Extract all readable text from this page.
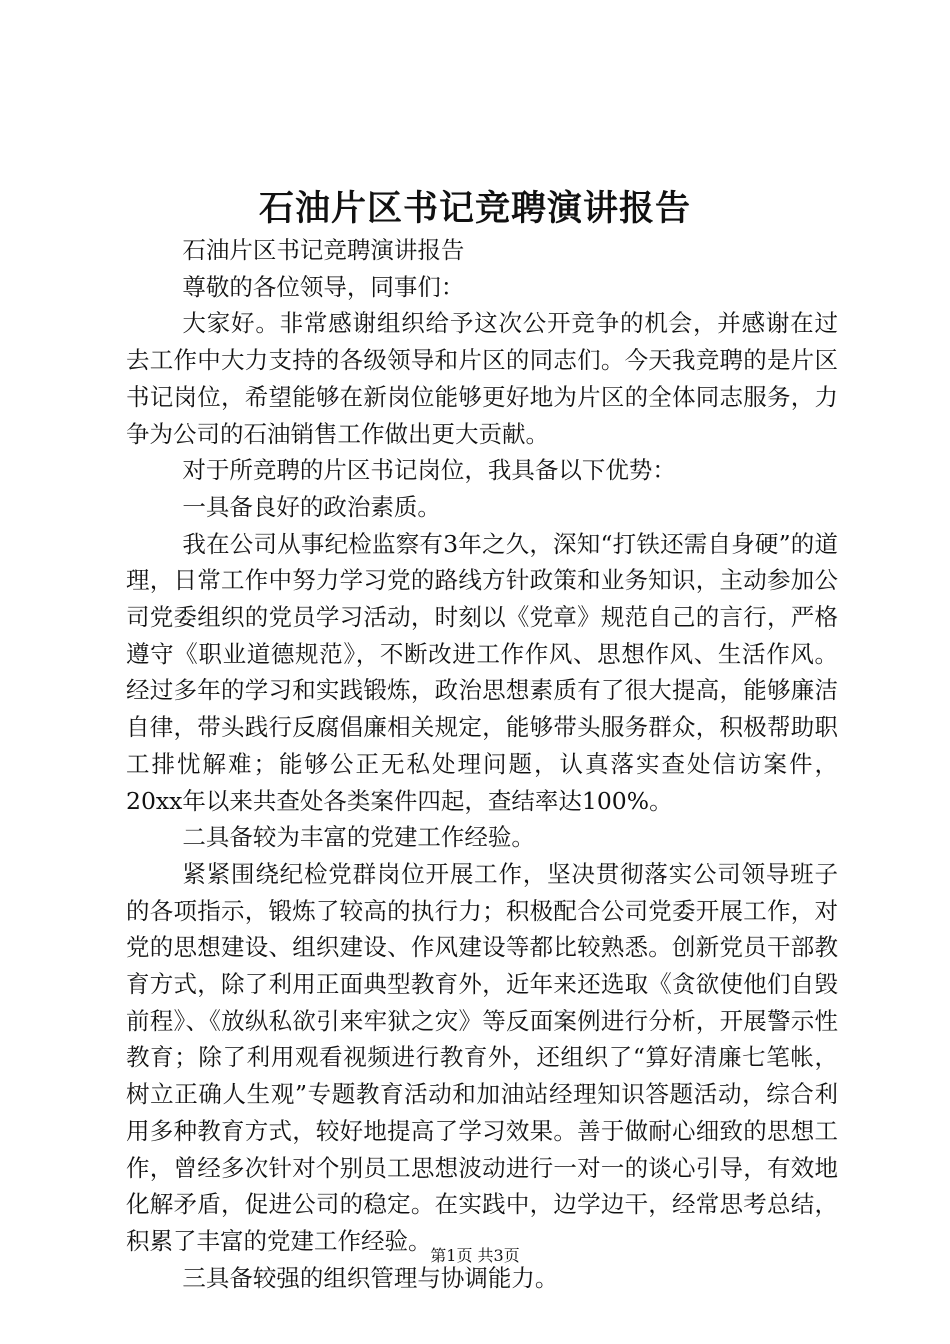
石油片区书记竞聘演讲报告

石油片区书记竞聘演讲报告

尊敬的各位领导，同事们：

大家好。非常感谢组织给予这次公开竞争的机会，并感谢在过去工作中大力支持的各级领导和片区的同志们。今天我竞聘的是片区书记岗位，希望能够在新岗位能够更好地为片区的全体同志服务，力争为公司的石油销售工作做出更大贡献。

对于所竞聘的片区书记岗位，我具备以下优势：

一具备良好的政治素质。

我在公司从事纪检监察有3年之久，深知“打铁还需自身硬”的道理，日常工作中努力学习党的路线方针政策和业务知识，主动参加公司党委组织的党员学习活动，时刻以《党章》规范自己的言行，严格遵守《职业道德规范》，不断改进工作作风、思想作风、生活作风。经过多年的学习和实践锻炼，政治思想素质有了很大提高，能够廉洁自律，带头践行反腐倡廉相关规定，能够带头服务群众，积极帮助职工排忧解难；能够公正无私处理问题，认真落实查处信访案件，20xx年以来共查处各类案件四起，查结率达100%。

二具备较为丰富的党建工作经验。

紧紧围绕纪检党群岗位开展工作，坚决贯彻落实公司领导班子的各项指示，锻炼了较高的执行力；积极配合公司党委开展工作，对党的思想建设、组织建设、作风建设等都比较熟悉。创新党员干部教育方式，除了利用正面典型教育外，近年来还选取《贪欲使他们自毁前程》、《放纵私欲引来牢狱之灾》等反面案例进行分析，开展警示性教育；除了利用观看视频进行教育外，还组织了“算好清廉七笔帐，树立正确人生观”专题教育活动和加油站经理知识答题活动，综合利用多种教育方式，较好地提高了学习效果。善于做耐心细致的思想工作，曾经多次针对个别员工思想波动进行一对一的谈心引导，有效地化解矛盾，促进公司的稳定。在实践中，边学边干，经常思考总结，积累了丰富的党建工作经验。

三具备较强的组织管理与协调能力。

第1页 共3页
